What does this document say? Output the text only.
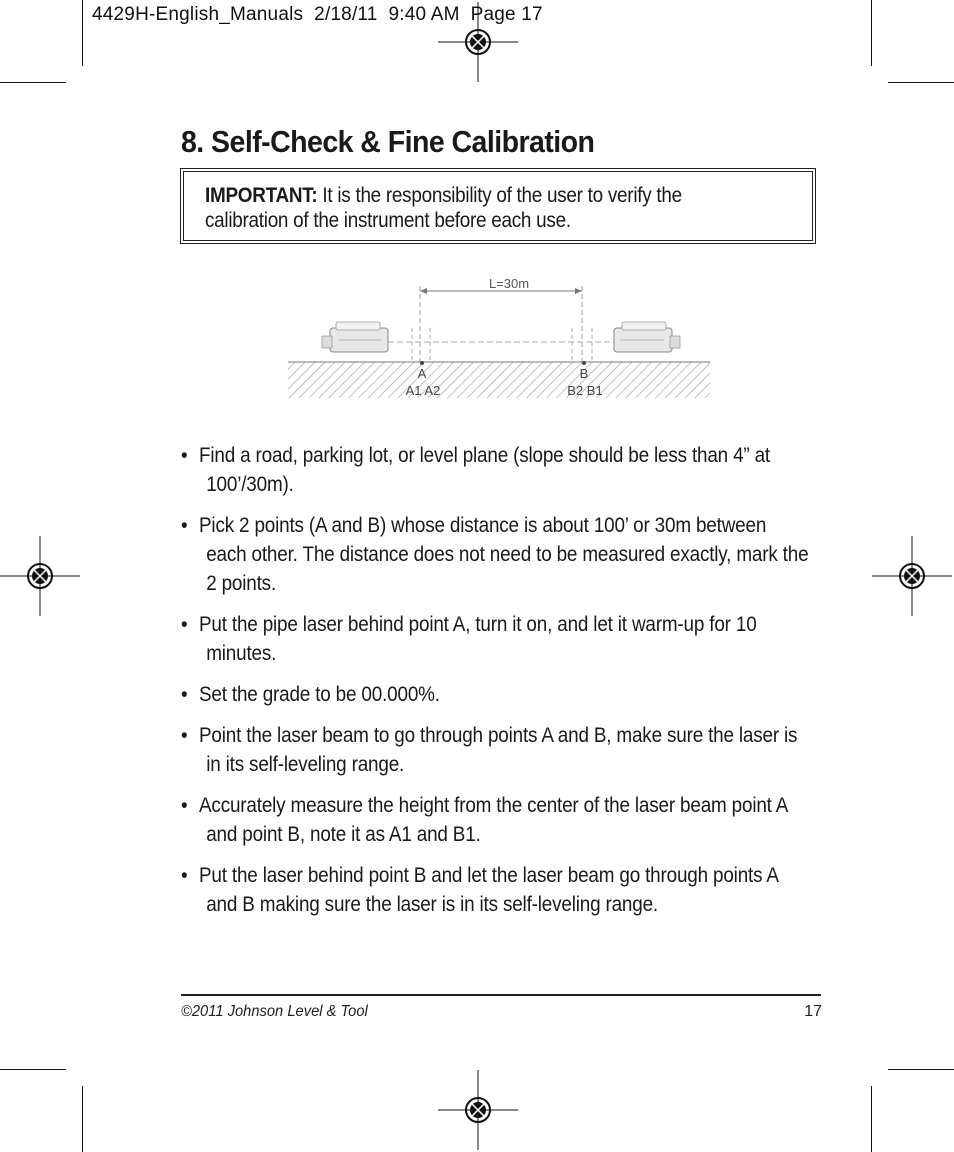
4429H-English_Manuals  2/18/11  9:40 AM  Page 17
8. Self-Check & Fine Calibration
IMPORTANT: It is the responsibility of the user to verify the calibration of the instrument before each use.
L=30m
A	B
A1 A2	B2 B1
• Find a road, parking lot, or level plane (slope should be less than 4” at 100’/30m).
• Pick 2 points (A and B) whose distance is about 100’ or 30m between each other. The distance does not need to be measured exactly, mark the 2 points.
• Put the pipe laser behind point A, turn it on, and let it warm-up for 10 minutes.
• Set the grade to be 00.000%.
• Point the laser beam to go through points A and B, make sure the laser is in its self-leveling range.
• Accurately measure the height from the center of the laser beam point A and point B, note it as A1 and B1.
• Put the laser behind point B and let the laser beam go through points A and B making sure the laser is in its self-leveling range.
©2011 Johnson Level & Tool	17
